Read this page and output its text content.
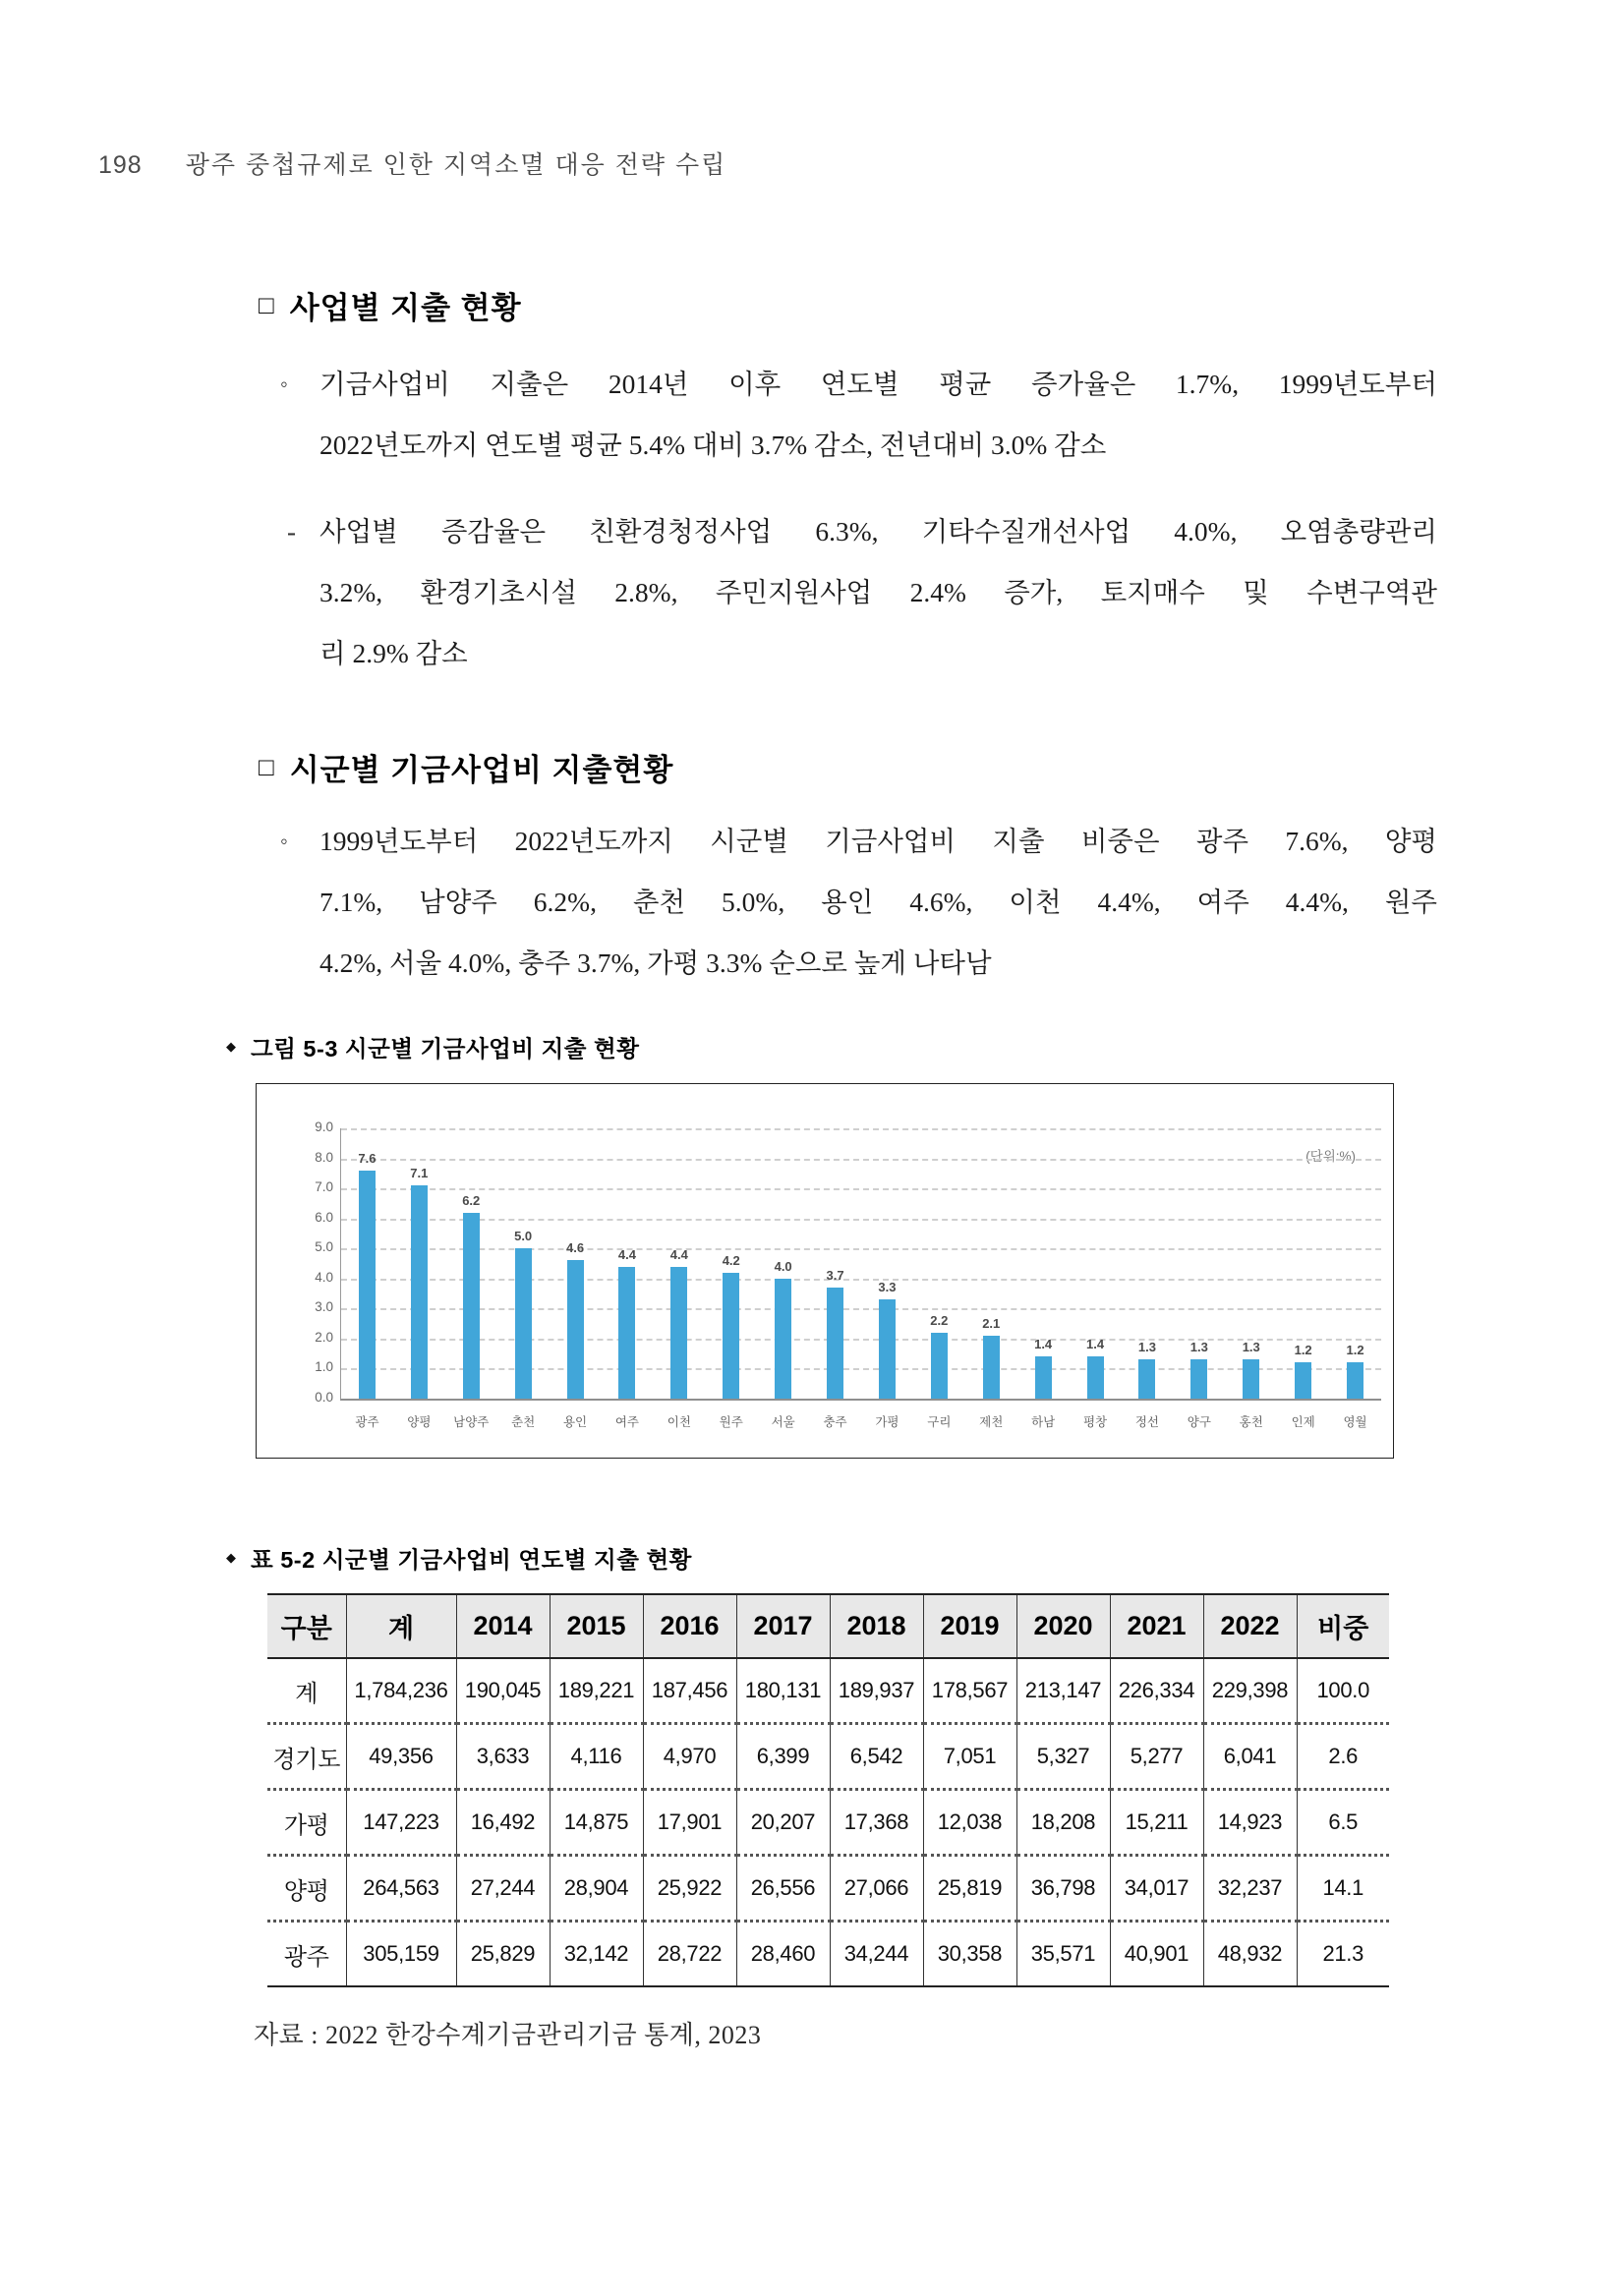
198 광주 중첩규제로 인한 지역소멸 대응 전략 수립
□ 사업별 지출 현황
◦ 기금사업비 지출은 2014년 이후 연도별 평균 증가율은 1.7%, 1999년도부터
2022년도까지 연도별 평균 5.4% 대비 3.7% 감소, 전년대비 3.0% 감소
- 사업별 증감율은 친환경청정사업 6.3%, 기타수질개선사업 4.0%, 오염총량관리
3.2%, 환경기초시설 2.8%, 주민지원사업 2.4% 증가, 토지매수 및 수변구역관
리 2.9% 감소
□ 시군별 기금사업비 지출현황
◦ 1999년도부터 2022년도까지 시군별 기금사업비 지출 비중은 광주 7.6%, 양평
7.1%, 남양주 6.2%, 춘천 5.0%, 용인 4.6%, 이천 4.4%, 여주 4.4%, 원주
4.2%, 서울 4.0%, 충주 3.7%, 가평 3.3% 순으로 높게 나타남
◆ 그림 5-3 시군별 기금사업비 지출 현황
(단위:%)
0.0
1.0
2.0
3.0
4.0
5.0
6.0
7.0
8.0
9.0
7.6
광주
7.1
양평
6.2
남양주
5.0
춘천
4.6
용인
4.4
여주
4.4
이천
4.2
원주
4.0
서울
3.7
충주
3.3
가평
2.2
구리
2.1
제천
1.4
하남
1.4
평창
1.3
정선
1.3
양구
1.3
홍천
1.2
인제
1.2
영월
◆ 표 5-2 시군별 기금사업비 연도별 지출 현황
구분	계	2014	2015	2016	2017	2018	2019	2020	2021	2022	비중
계	1,784,236	190,045	189,221	187,456	180,131	189,937	178,567	213,147	226,334	229,398	100.0
경기도	49,356	3,633	4,116	4,970	6,399	6,542	7,051	5,327	5,277	6,041	2.6
가평	147,223	16,492	14,875	17,901	20,207	17,368	12,038	18,208	15,211	14,923	6.5
양평	264,563	27,244	28,904	25,922	26,556	27,066	25,819	36,798	34,017	32,237	14.1
광주	305,159	25,829	32,142	28,722	28,460	34,244	30,358	35,571	40,901	48,932	21.3
자료 : 2022 한강수계기금관리기금 통계, 2023
